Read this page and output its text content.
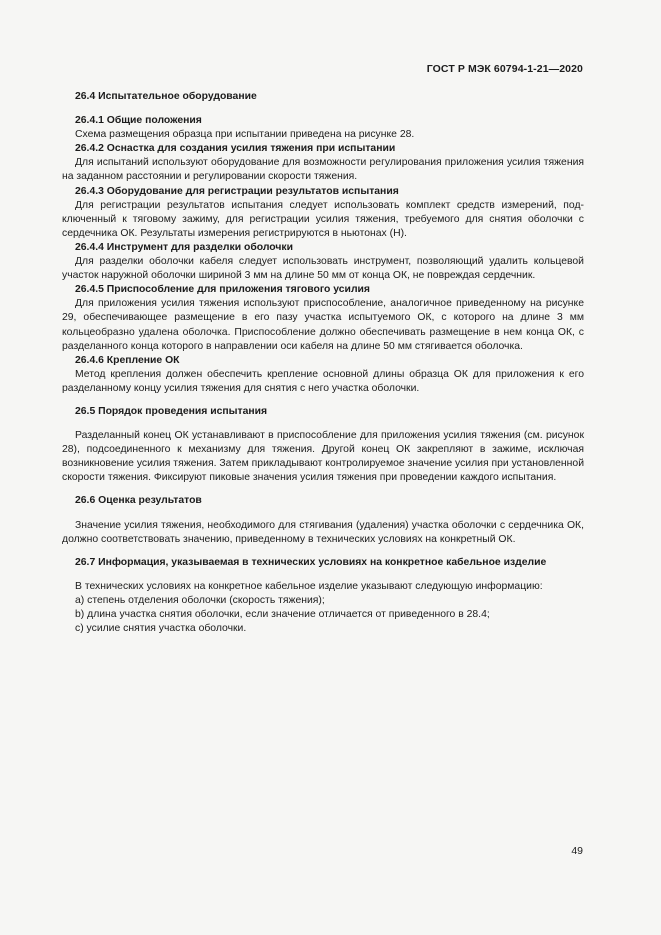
ГОСТ Р МЭК 60794-1-21—2020

26.4 Испытательное оборудование

26.4.1 Общие положения

Схема размещения образца при испытании приведена на рисунке 28.

26.4.2 Оснастка для создания усилия тяжения при испытании

Для испытаний используют оборудование для возможности регулирования приложения усилия тяжения на заданном расстоянии и регулировании скорости тяжения.

26.4.3 Оборудование для регистрации результатов испытания

Для регистрации результатов испытания следует использовать комплект средств измерений, подключенный к тяговому зажиму, для регистрации усилия тяжения, требуемого для снятия оболочки с сердечника ОК. Результаты измерения регистрируются в ньютонах (Н).

26.4.4 Инструмент для разделки оболочки

Для разделки оболочки кабеля следует использовать инструмент, позволяющий удалить кольцевой участок наружной оболочки шириной 3 мм на длине 50 мм от конца ОК, не повреждая сердечник.

26.4.5 Приспособление для приложения тягового усилия

Для приложения усилия тяжения используют приспособление, аналогичное приведенному на рисунке 29, обеспечивающее размещение в его пазу участка испытуемого ОК, с которого на длине 3 мм кольцеобразно удалена оболочка. Приспособление должно обеспечивать размещение в нем конца ОК, с разделанного конца которого в направлении оси кабеля на длине 50 мм стягивается оболочка.

26.4.6 Крепление ОК

Метод крепления должен обеспечить крепление основной длины образца ОК для приложения к его разделанному концу усилия тяжения для снятия с него участка оболочки.

26.5 Порядок проведения испытания

Разделанный конец ОК устанавливают в приспособление для приложения усилия тяжения (см. рисунок 28), подсоединенного к механизму для тяжения. Другой конец ОК закрепляют в зажиме, исключая возникновение усилия тяжения. Затем прикладывают контролируемое значение усилия при установленной скорости тяжения. Фиксируют пиковые значения усилия тяжения при проведении каждого испытания.

26.6 Оценка результатов

Значение усилия тяжения, необходимого для стягивания (удаления) участка оболочки с сердечника ОК, должно соответствовать значению, приведенному в технических условиях на конкретный ОК.

26.7 Информация, указываемая в технических условиях на конкретное кабельное изделие

В технических условиях на конкретное кабельное изделие указывают следующую информацию:

а) степень отделения оболочки (скорость тяжения);

b) длина участка снятия оболочки, если значение отличается от приведенного в 28.4;

с) усилие снятия участка оболочки.

49
